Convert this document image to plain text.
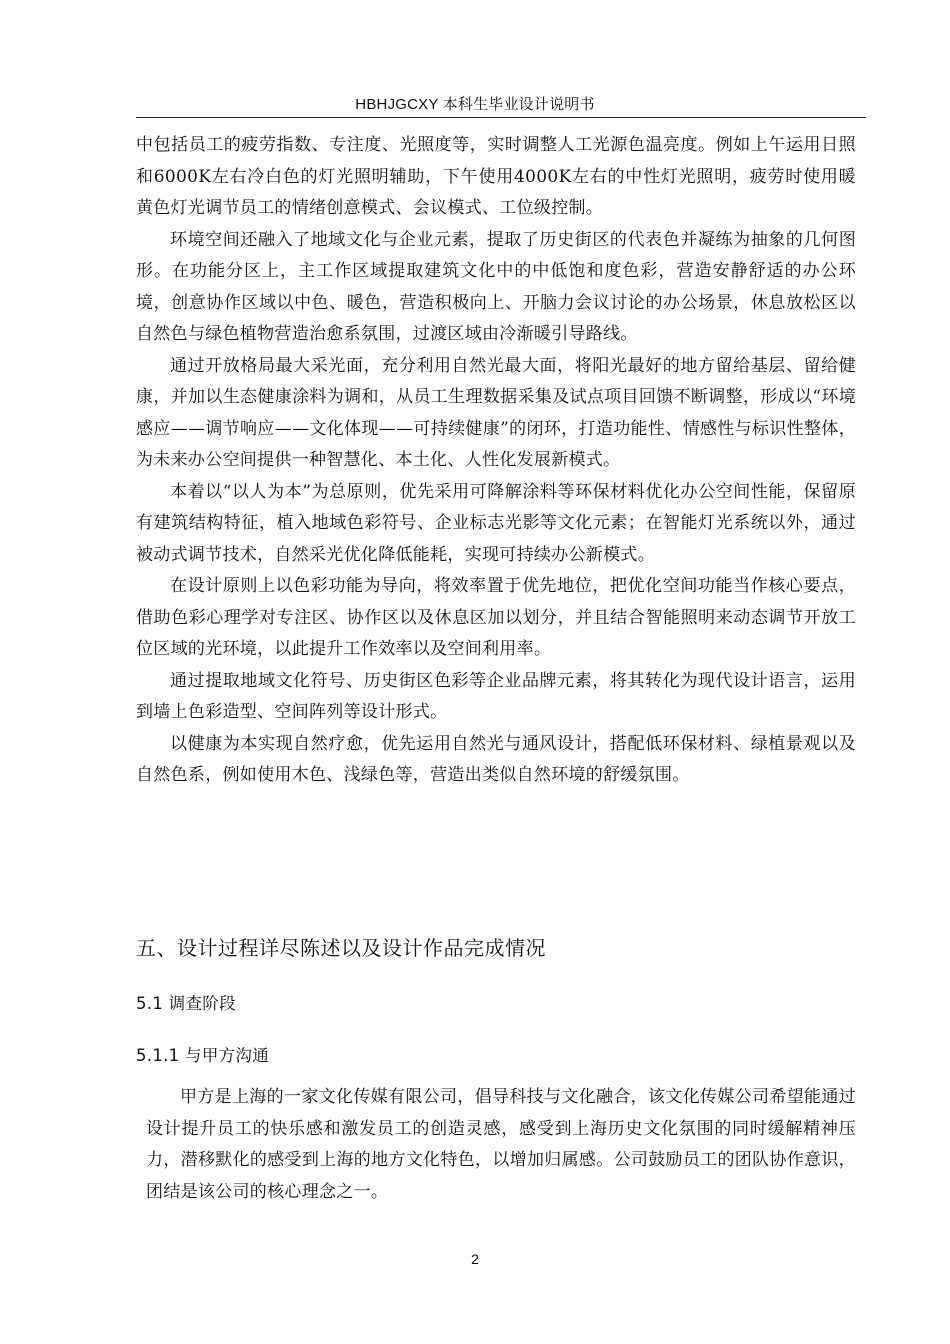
HBHJGCXY 本科生毕业设计说明书

中包括员工的疲劳指数、专注度、光照度等，实时调整人工光源色温亮度。例如上午运用日照和6000K左右冷白色的灯光照明辅助，下午使用4000K左右的中性灯光照明，疲劳时使用暖黄色灯光调节员工的情绪创意模式、会议模式、工位级控制。

环境空间还融入了地域文化与企业元素，提取了历史街区的代表色并凝练为抽象的几何图形。在功能分区上，主工作区域提取建筑文化中的中低饱和度色彩，营造安静舒适的办公环境，创意协作区域以中色、暖色，营造积极向上、开脑力会议讨论的办公场景，休息放松区以自然色与绿色植物营造治愈系氛围，过渡区域由冷渐暖引导路线。

通过开放格局最大采光面，充分利用自然光最大面，将阳光最好的地方留给基层、留给健康，并加以生态健康涂料为调和，从员工生理数据采集及试点项目回馈不断调整，形成以“环境感应——调节响应——文化体现——可持续健康”的闭环，打造功能性、情感性与标识性整体，为未来办公空间提供一种智慧化、本土化、人性化发展新模式。

本着以“以人为本”为总原则，优先采用可降解涂料等环保材料优化办公空间性能，保留原有建筑结构特征，植入地域色彩符号、企业标志光影等文化元素；在智能灯光系统以外，通过被动式调节技术，自然采光优化降低能耗，实现可持续办公新模式。

在设计原则上以色彩功能为导向，将效率置于优先地位，把优化空间功能当作核心要点，借助色彩心理学对专注区、协作区以及休息区加以划分，并且结合智能照明来动态调节开放工位区域的光环境，以此提升工作效率以及空间利用率。

通过提取地域文化符号、历史街区色彩等企业品牌元素，将其转化为现代设计语言，运用到墙上色彩造型、空间阵列等设计形式。

以健康为本实现自然疗愈，优先运用自然光与通风设计，搭配低环保材料、绿植景观以及自然色系，例如使用木色、浅绿色等，营造出类似自然环境的舒缓氛围。

五、设计过程详尽陈述以及设计作品完成情况
5.1 调查阶段
5.1.1 与甲方沟通

甲方是上海的一家文化传媒有限公司，倡导科技与文化融合，该文化传媒公司希望能通过设计提升员工的快乐感和激发员工的创造灵感，感受到上海历史文化氛围的同时缓解精神压力，潜移默化的感受到上海的地方文化特色，以增加归属感。公司鼓励员工的团队协作意识，团结是该公司的核心理念之一。

2
